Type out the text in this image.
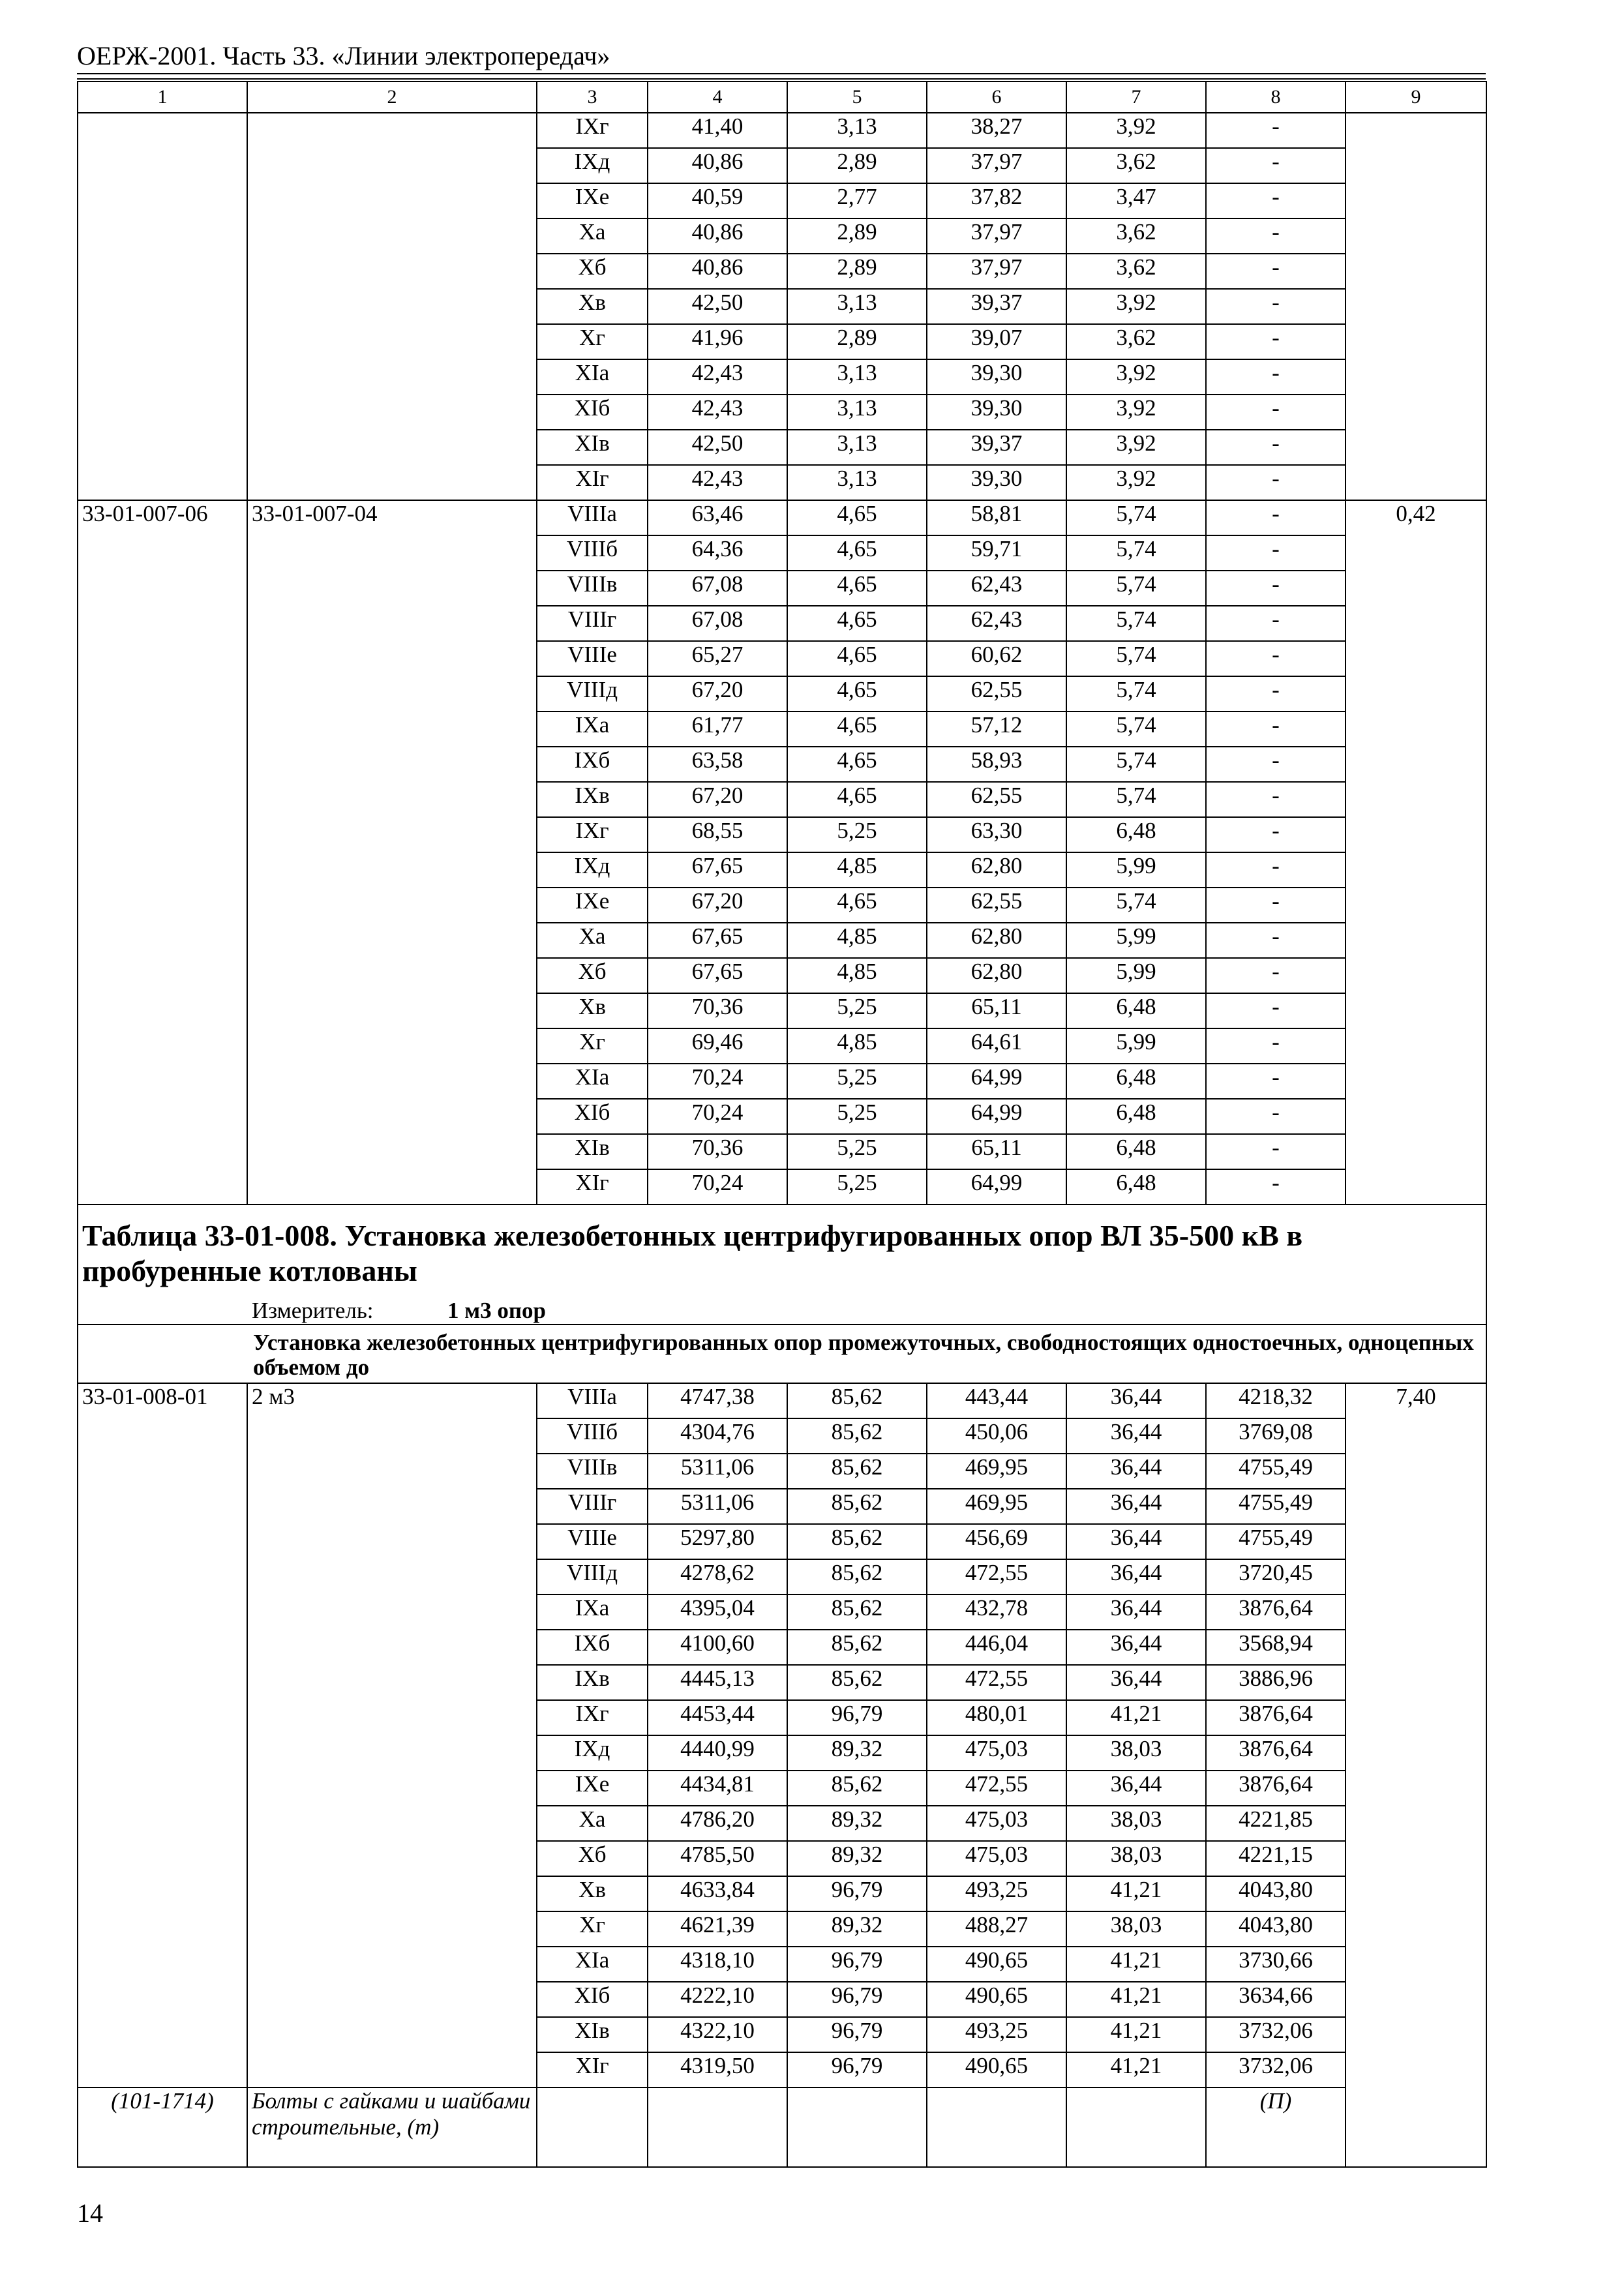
ОЕРЖ-2001. Часть 33. «Линии электропередач»
1	2	3	4	5	6	7	8	9
		IXг	41,40	3,13	38,27	3,92	-	
		IXд	40,86	2,89	37,97	3,62	-	
		IXе	40,59	2,77	37,82	3,47	-	
		Xа	40,86	2,89	37,97	3,62	-	
		Xб	40,86	2,89	37,97	3,62	-	
		Xв	42,50	3,13	39,37	3,92	-	
		Xг	41,96	2,89	39,07	3,62	-	
		XIа	42,43	3,13	39,30	3,92	-	
		XIб	42,43	3,13	39,30	3,92	-	
		XIв	42,50	3,13	39,37	3,92	-	
		XIг	42,43	3,13	39,30	3,92	-	
33-01-007-06	33-01-007-04	VIIIа	63,46	4,65	58,81	5,74	-	0,42
		VIIIб	64,36	4,65	59,71	5,74	-	
		VIIIв	67,08	4,65	62,43	5,74	-	
		VIIIг	67,08	4,65	62,43	5,74	-	
		VIIIе	65,27	4,65	60,62	5,74	-	
		VIIIд	67,20	4,65	62,55	5,74	-	
		IXа	61,77	4,65	57,12	5,74	-	
		IXб	63,58	4,65	58,93	5,74	-	
		IXв	67,20	4,65	62,55	5,74	-	
		IXг	68,55	5,25	63,30	6,48	-	
		IXд	67,65	4,85	62,80	5,99	-	
		IXе	67,20	4,65	62,55	5,74	-	
		Xа	67,65	4,85	62,80	5,99	-	
		Xб	67,65	4,85	62,80	5,99	-	
		Xв	70,36	5,25	65,11	6,48	-	
		Xг	69,46	4,85	64,61	5,99	-	
		XIа	70,24	5,25	64,99	6,48	-	
		XIб	70,24	5,25	64,99	6,48	-	
		XIв	70,36	5,25	65,11	6,48	-	
		XIг	70,24	5,25	64,99	6,48	-	
Таблица 33-01-008. Установка железобетонных центрифугированных опор ВЛ 35-500 кВ в пробуренные котлованы								
Измеритель: 1 м3 опор								
Установка железобетонных центрифугированных опор промежуточных, свободностоящих одностоечных, одноцепных объемом до								
33-01-008-01	2 м3	VIIIа	4747,38	85,62	443,44	36,44	4218,32	7,40
		VIIIб	4304,76	85,62	450,06	36,44	3769,08	
		VIIIв	5311,06	85,62	469,95	36,44	4755,49	
		VIIIг	5311,06	85,62	469,95	36,44	4755,49	
		VIIIе	5297,80	85,62	456,69	36,44	4755,49	
		VIIIд	4278,62	85,62	472,55	36,44	3720,45	
		IXа	4395,04	85,62	432,78	36,44	3876,64	
		IXб	4100,60	85,62	446,04	36,44	3568,94	
		IXв	4445,13	85,62	472,55	36,44	3886,96	
		IXг	4453,44	96,79	480,01	41,21	3876,64	
		IXд	4440,99	89,32	475,03	38,03	3876,64	
		IXе	4434,81	85,62	472,55	36,44	3876,64	
		Xа	4786,20	89,32	475,03	38,03	4221,85	
		Xб	4785,50	89,32	475,03	38,03	4221,15	
		Xв	4633,84	96,79	493,25	41,21	4043,80	
		Xг	4621,39	89,32	488,27	38,03	4043,80	
		XIа	4318,10	96,79	490,65	41,21	3730,66	
		XIб	4222,10	96,79	490,65	41,21	3634,66	
		XIв	4322,10	96,79	493,25	41,21	3732,06	
		XIг	4319,50	96,79	490,65	41,21	3732,06	
(101-1714)	Болты с гайками и шайбами строительные, (т)						(П)	
14
